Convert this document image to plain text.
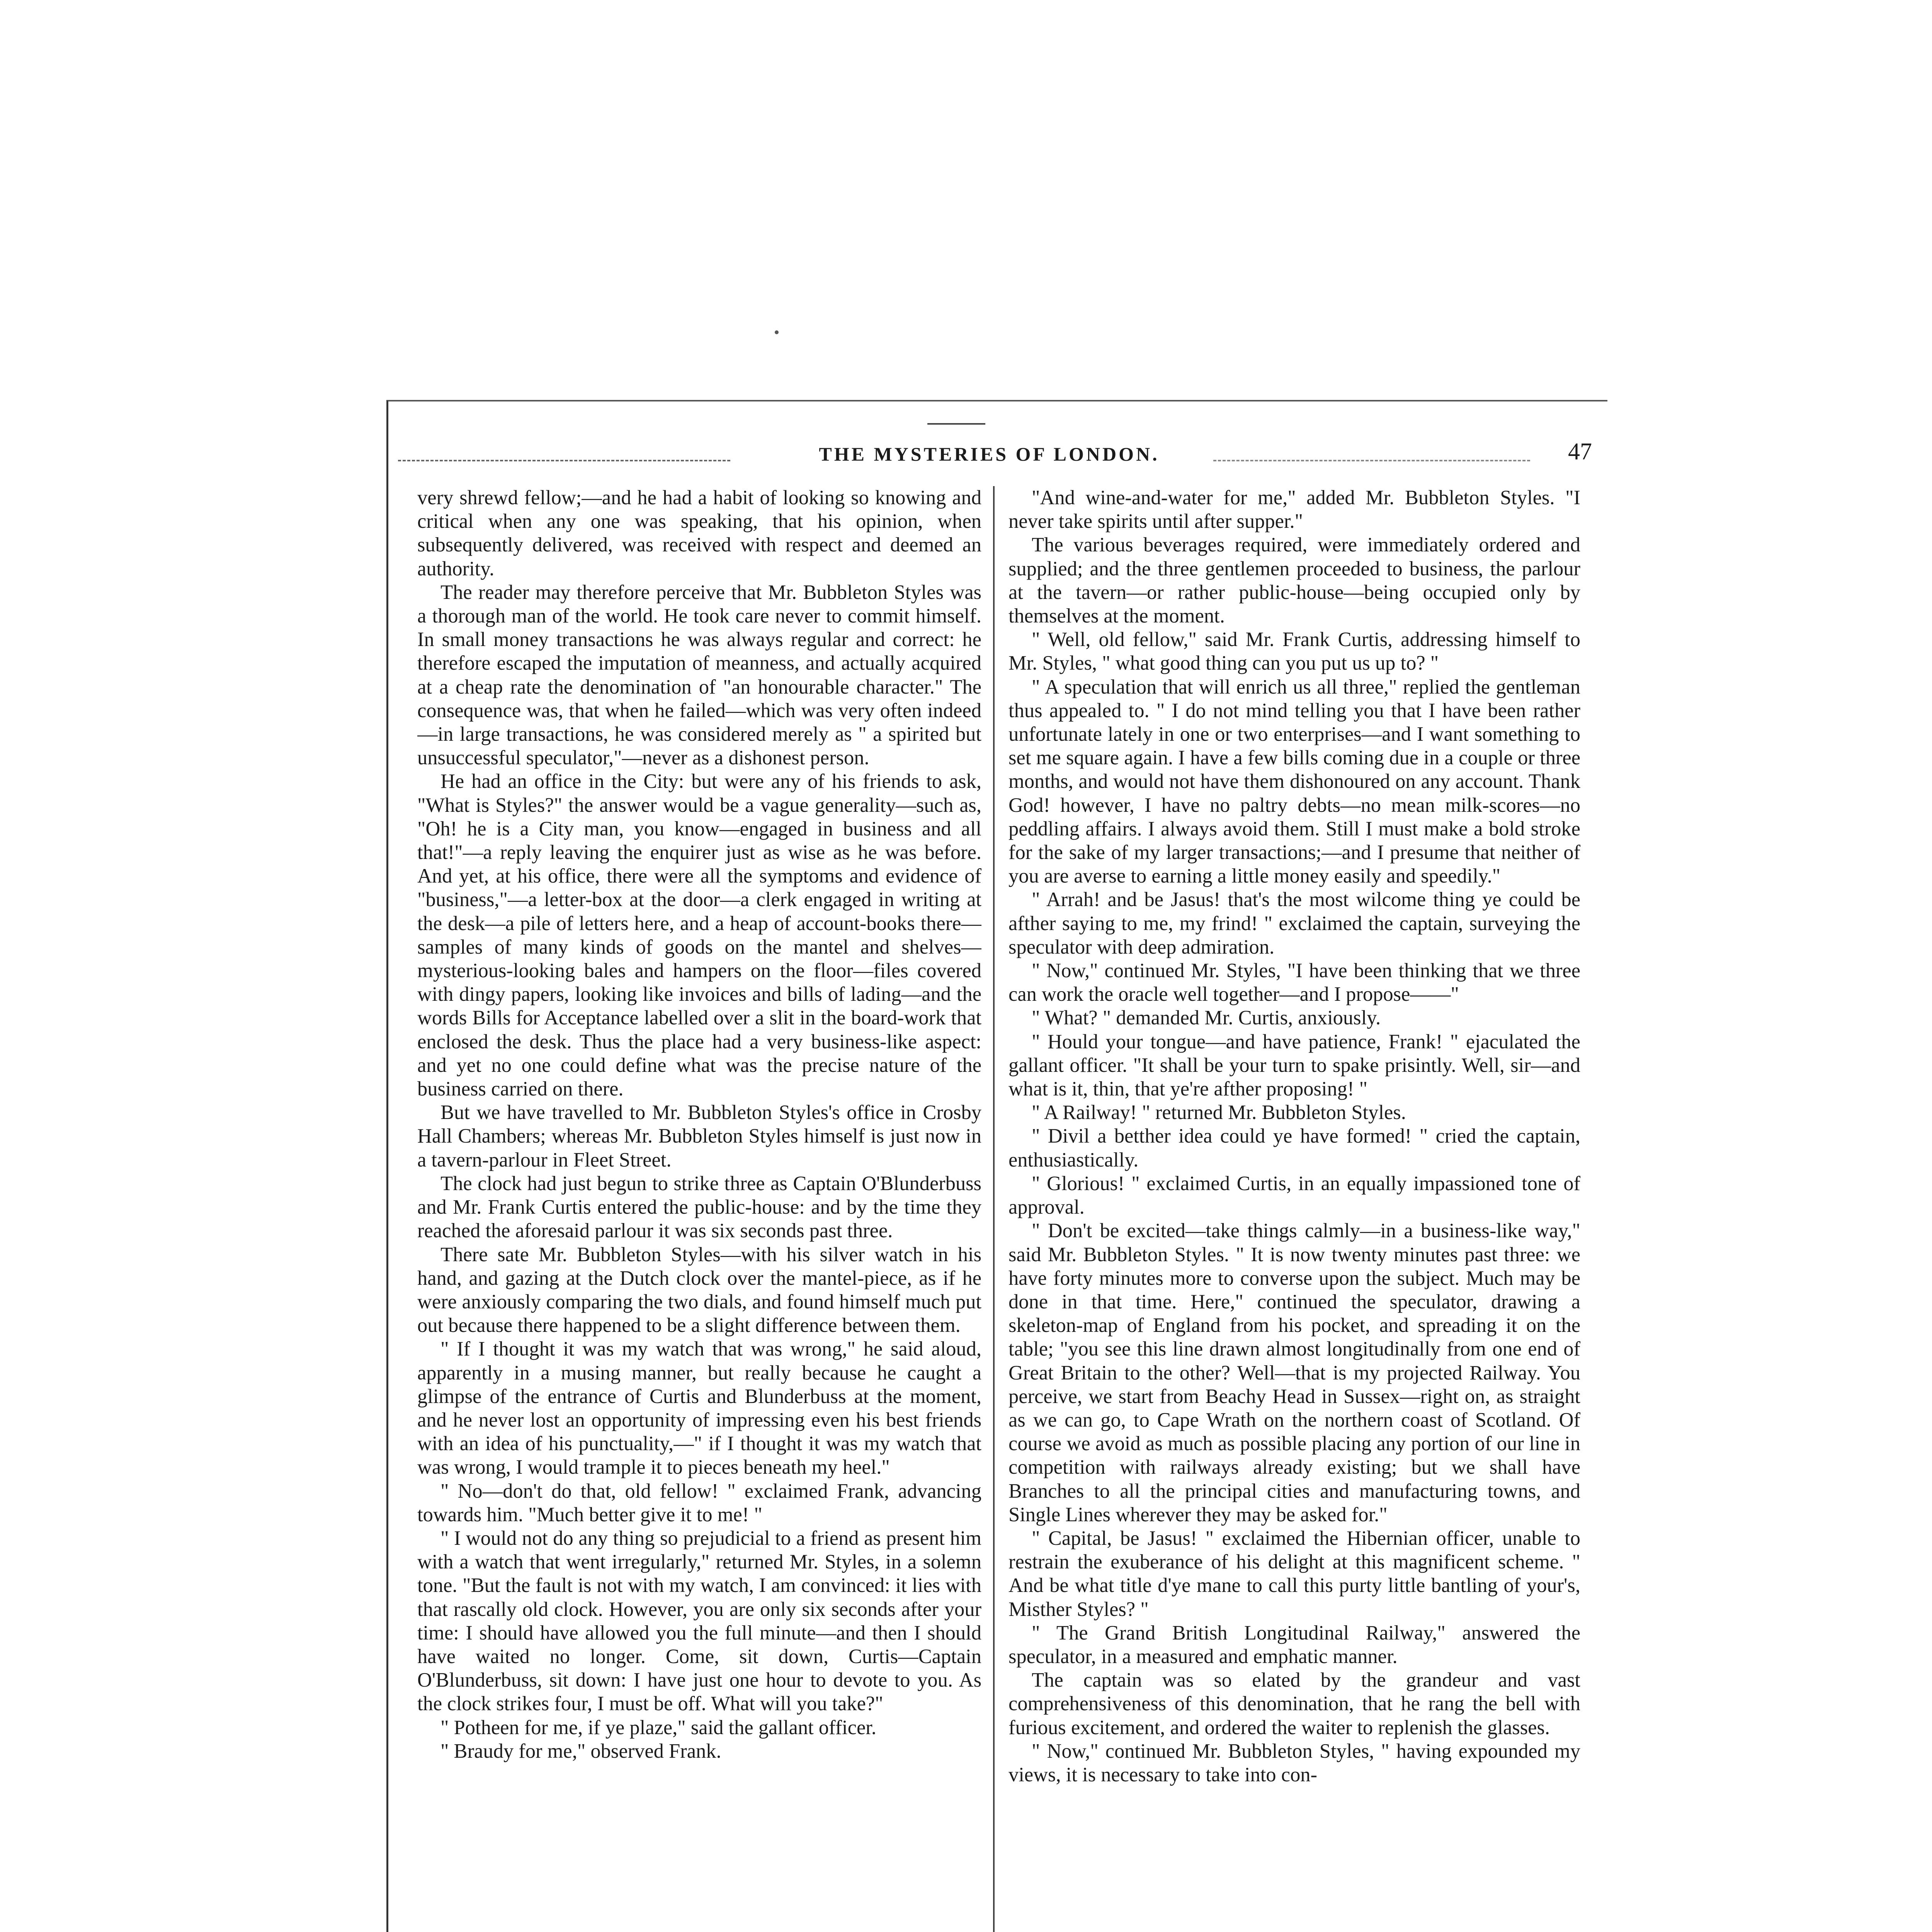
THE MYSTERIES OF LONDON.	47

very shrewd fellow;—and he had a habit of looking so knowing and critical when any one was speaking, that his opinion, when subsequently delivered, was received with respect and deemed an authority.

The reader may therefore perceive that Mr. Bubbleton Styles was a thorough man of the world. He took care never to commit himself. In small money transactions he was always regular and correct: he therefore escaped the imputation of meanness, and actually acquired at a cheap rate the denomination of "an honourable character." The consequence was, that when he failed—which was very often indeed—in large transactions, he was considered merely as " a spirited but unsuccessful speculator,"—never as a dishonest person.

He had an office in the City: but were any of his friends to ask, "What is Styles?" the answer would be a vague generality—such as, "Oh! he is a City man, you know—engaged in business and all that!"—a reply leaving the enquirer just as wise as he was before. And yet, at his office, there were all the symptoms and evidence of "business,"—a letter-box at the door—a clerk engaged in writing at the desk—a pile of letters here, and a heap of account-books there—samples of many kinds of goods on the mantel and shelves—mysterious-looking bales and hampers on the floor—files covered with dingy papers, looking like invoices and bills of lading—and the words Bills for Acceptance labelled over a slit in the board-work that enclosed the desk. Thus the place had a very business-like aspect: and yet no one could define what was the precise nature of the business carried on there.

But we have travelled to Mr. Bubbleton Styles's office in Crosby Hall Chambers; whereas Mr. Bubbleton Styles himself is just now in a tavern-parlour in Fleet Street.

The clock had just begun to strike three as Captain O'Blunderbuss and Mr. Frank Curtis entered the public-house: and by the time they reached the aforesaid parlour it was six seconds past three.

There sate Mr. Bubbleton Styles—with his silver watch in his hand, and gazing at the Dutch clock over the mantel-piece, as if he were anxiously comparing the two dials, and found himself much put out because there happened to be a slight difference between them.

" If I thought it was my watch that was wrong," he said aloud, apparently in a musing manner, but really because he caught a glimpse of the entrance of Curtis and Blunderbuss at the moment, and he never lost an opportunity of impressing even his best friends with an idea of his punctuality,—" if I thought it was my watch that was wrong, I would trample it to pieces beneath my heel."

" No—don't do that, old fellow! " exclaimed Frank, advancing towards him. "Much better give it to me! "

" I would not do any thing so prejudicial to a friend as present him with a watch that went irregularly," returned Mr. Styles, in a solemn tone. "But the fault is not with my watch, I am convinced: it lies with that rascally old clock. However, you are only six seconds after your time: I should have allowed you the full minute—and then I should have waited no longer. Come, sit down, Curtis—Captain O'Blunderbuss, sit down: I have just one hour to devote to you. As the clock strikes four, I must be off. What will you take?"

" Potheen for me, if ye plaze," said the gallant officer.

" Braudy for me," observed Frank.

"And wine-and-water for me," added Mr. Bubbleton Styles. "I never take spirits until after supper."

The various beverages required, were immediately ordered and supplied; and the three gentlemen proceeded to business, the parlour at the tavern—or rather public-house—being occupied only by themselves at the moment.

" Well, old fellow," said Mr. Frank Curtis, addressing himself to Mr. Styles, " what good thing can you put us up to? "

" A speculation that will enrich us all three," replied the gentleman thus appealed to. " I do not mind telling you that I have been rather unfortunate lately in one or two enterprises—and I want something to set me square again. I have a few bills coming due in a couple or three months, and would not have them dishonoured on any account. Thank God! however, I have no paltry debts—no mean milk-scores—no peddling affairs. I always avoid them. Still I must make a bold stroke for the sake of my larger transactions;—and I presume that neither of you are averse to earning a little money easily and speedily."

" Arrah! and be Jasus! that's the most wilcome thing ye could be afther saying to me, my frind! " exclaimed the captain, surveying the speculator with deep admiration.

" Now," continued Mr. Styles, "I have been thinking that we three can work the oracle well together—and I propose——"

" What? " demanded Mr. Curtis, anxiously.

" Hould your tongue—and have patience, Frank! " ejaculated the gallant officer. "It shall be your turn to spake prisintly. Well, sir—and what is it, thin, that ye're afther proposing! "

" A Railway! " returned Mr. Bubbleton Styles.

" Divil a betther idea could ye have formed! " cried the captain, enthusiastically.

" Glorious! " exclaimed Curtis, in an equally impassioned tone of approval.

" Don't be excited—take things calmly—in a business-like way," said Mr. Bubbleton Styles. " It is now twenty minutes past three: we have forty minutes more to converse upon the subject. Much may be done in that time. Here," continued the speculator, drawing a skeleton-map of England from his pocket, and spreading it on the table; "you see this line drawn almost longitudinally from one end of Great Britain to the other? Well—that is my projected Railway. You perceive, we start from Beachy Head in Sussex—right on, as straight as we can go, to Cape Wrath on the northern coast of Scotland. Of course we avoid as much as possible placing any portion of our line in competition with railways already existing; but we shall have Branches to all the principal cities and manufacturing towns, and Single Lines wherever they may be asked for."

" Capital, be Jasus! " exclaimed the Hibernian officer, unable to restrain the exuberance of his delight at this magnificent scheme. " And be what title d'ye mane to call this purty little bantling of your's, Misther Styles? "

" The Grand British Longitudinal Railway," answered the speculator, in a measured and emphatic manner.

The captain was so elated by the grandeur and vast comprehensiveness of this denomination, that he rang the bell with furious excitement, and ordered the waiter to replenish the glasses.

" Now," continued Mr. Bubbleton Styles, " having expounded my views, it is necessary to take into con-
